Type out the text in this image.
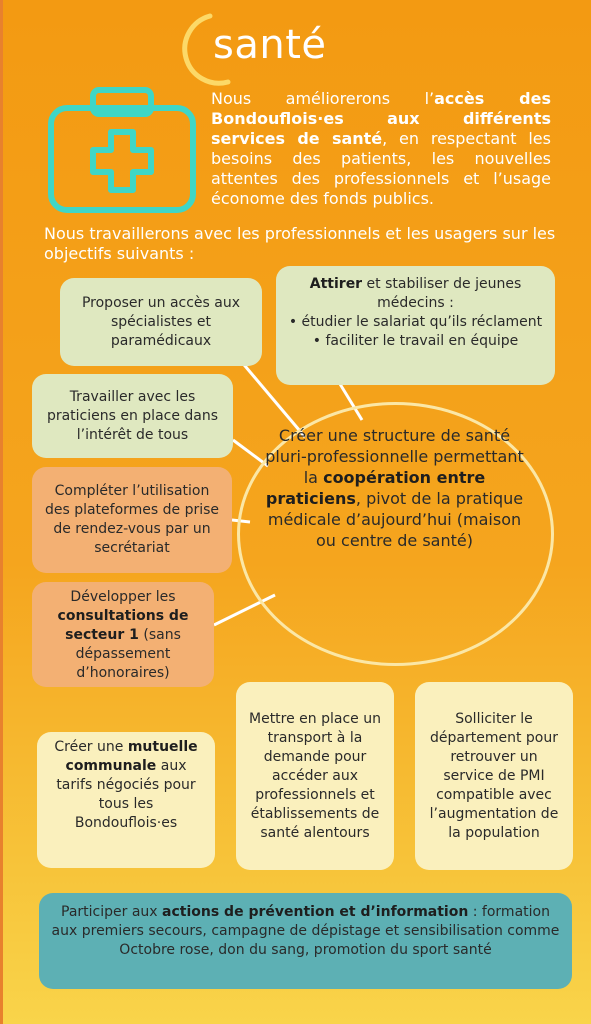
santé
Nous améliorerons l’accès des Bondouflois·es aux différents services de santé, en respectant les besoins des patients, les nouvelles attentes des professionnels et l’usage économe des fonds publics.
Nous travaillerons avec les professionnels et les usagers sur les objectifs suivants :
Proposer un accès aux spécialistes et paramédicaux
Attirer et stabiliser de jeunes médecins :
• étudier le salariat qu’ils réclament
• faciliter le travail en équipe
Travailler avec les praticiens en place dans l’intérêt de tous
Compléter l’utilisation des plateformes de prise de rendez-vous par un secrétariat
Développer les consultations de secteur 1 (sans dépassement d’honoraires)
Créer une structure de santé pluri-professionnelle permettant la coopération entre praticiens, pivot de la pratique médicale d’aujourd’hui (maison ou centre de santé)
Créer une mutuelle communale aux tarifs négociés pour tous les Bondouflois·es
Mettre en place un transport à la demande pour accéder aux professionnels et établissements de santé alentours
Solliciter le département pour retrouver un service de PMI compatible avec l’augmentation de la population
Participer aux actions de prévention et d’information : formation aux premiers secours, campagne de dépistage et sensibilisation comme Octobre rose, don du sang, promotion du sport santé
